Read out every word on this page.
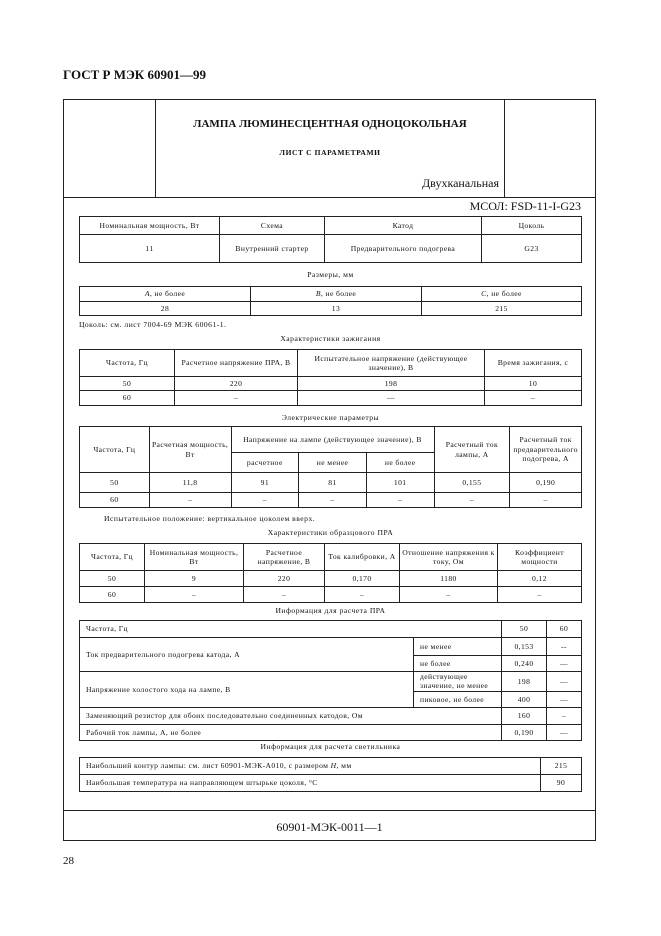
ГОСТ Р МЭК 60901—99
ЛАМПА ЛЮМИНЕСЦЕНТНАЯ ОДНОЦОКОЛЬНАЯ
ЛИСТ С ПАРАМЕТРАМИ
Двухканальная
МСОЛ: FSD-11-I-G23
Номинальная мощность, Вт	Схема	Катод	Цоколь
11	Внутренний стартер	Предварительного подогрева	G23
Размеры, мм
A, не более	B, не более	C, не более
28	13	215
Цоколь: см. лист 7004-69 МЭК 60061-1.
Характеристики зажигания
Частота, Гц	Расчетное напряжение ПРА, В	Испытательное напряжение (действующее значение), В	Время зажигания, с
50	220	198	10
60	–	—	–
Электрические параметры
Частота, Гц	Расчетная мощность, Вт	Напряжение на лампе (действующее значение), В			Расчетный ток лампы, А	Расчетный ток предварительного подогрева, А
		расчетное	не менее	не более		
50	11,8	91	81	101	0,155	0,190
60	–	–	–	–	–	–
Испытательное положение: вертикальное цоколем вверх.
Характеристики образцового ПРА
Частота, Гц	Номинальная мощность, Вт	Расчетное напряжение, В	Ток калибровки, А	Отношение напряжения к току, Ом	Коэффициент мощности
50	9	220	0,170	1180	0,12
60	–	–	–	–	–
Информация для расчета ПРА
Частота, Гц		50	60
Ток предварительного подогрева катода, А	не менее	0,153	--
	не более	0,240	—
Напряжение холостого хода на лампе, В	действующее значение, не менее	198	—
	пиковое, не более	400	—
Заменяющий резистор для обоих последовательно соединенных катодов, Ом		160	–
Рабочий ток лампы, А, не более		0,190	—
Информация для расчета светильника
Наибольший контур лампы: см. лист 60901-МЭК-А010, с размером H, мм	215
Наибольшая температура на направляющем штырьке цоколя, °С	90
60901-МЭК-0011—1
28
